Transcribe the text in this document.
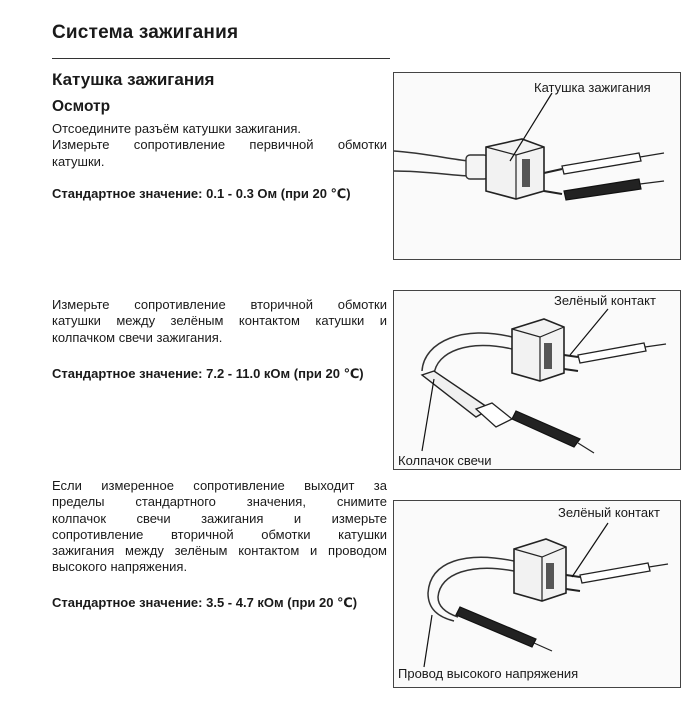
Система зажигания
Катушка зажигания
Осмотр
Отсоедините разъём катушки зажигания.
Измерьте сопротивление первичной обмотки
катушки.
Стандартное значение: 0.1 - 0.3 Ом (при 20 ℃)
Измерьте сопротивление вторичной обмотки
катушки между зелёным контактом катушки и
колпачком свечи зажигания.
Стандартное значение: 7.2 - 11.0 кОм (при 20 ℃)
Если измеренное сопротивление выходит за
пределы стандартного значения, снимите
колпачок свечи зажигания и измерьте
сопротивление вторичной обмотки катушки
зажигания между зелёным контактом и проводом
высокого напряжения.
Стандартное значение: 3.5 - 4.7 кОм (при 20 ℃)
Катушка зажигания
Зелёный контакт
Колпачок свечи
Зелёный контакт
Провод высокого напряжения
